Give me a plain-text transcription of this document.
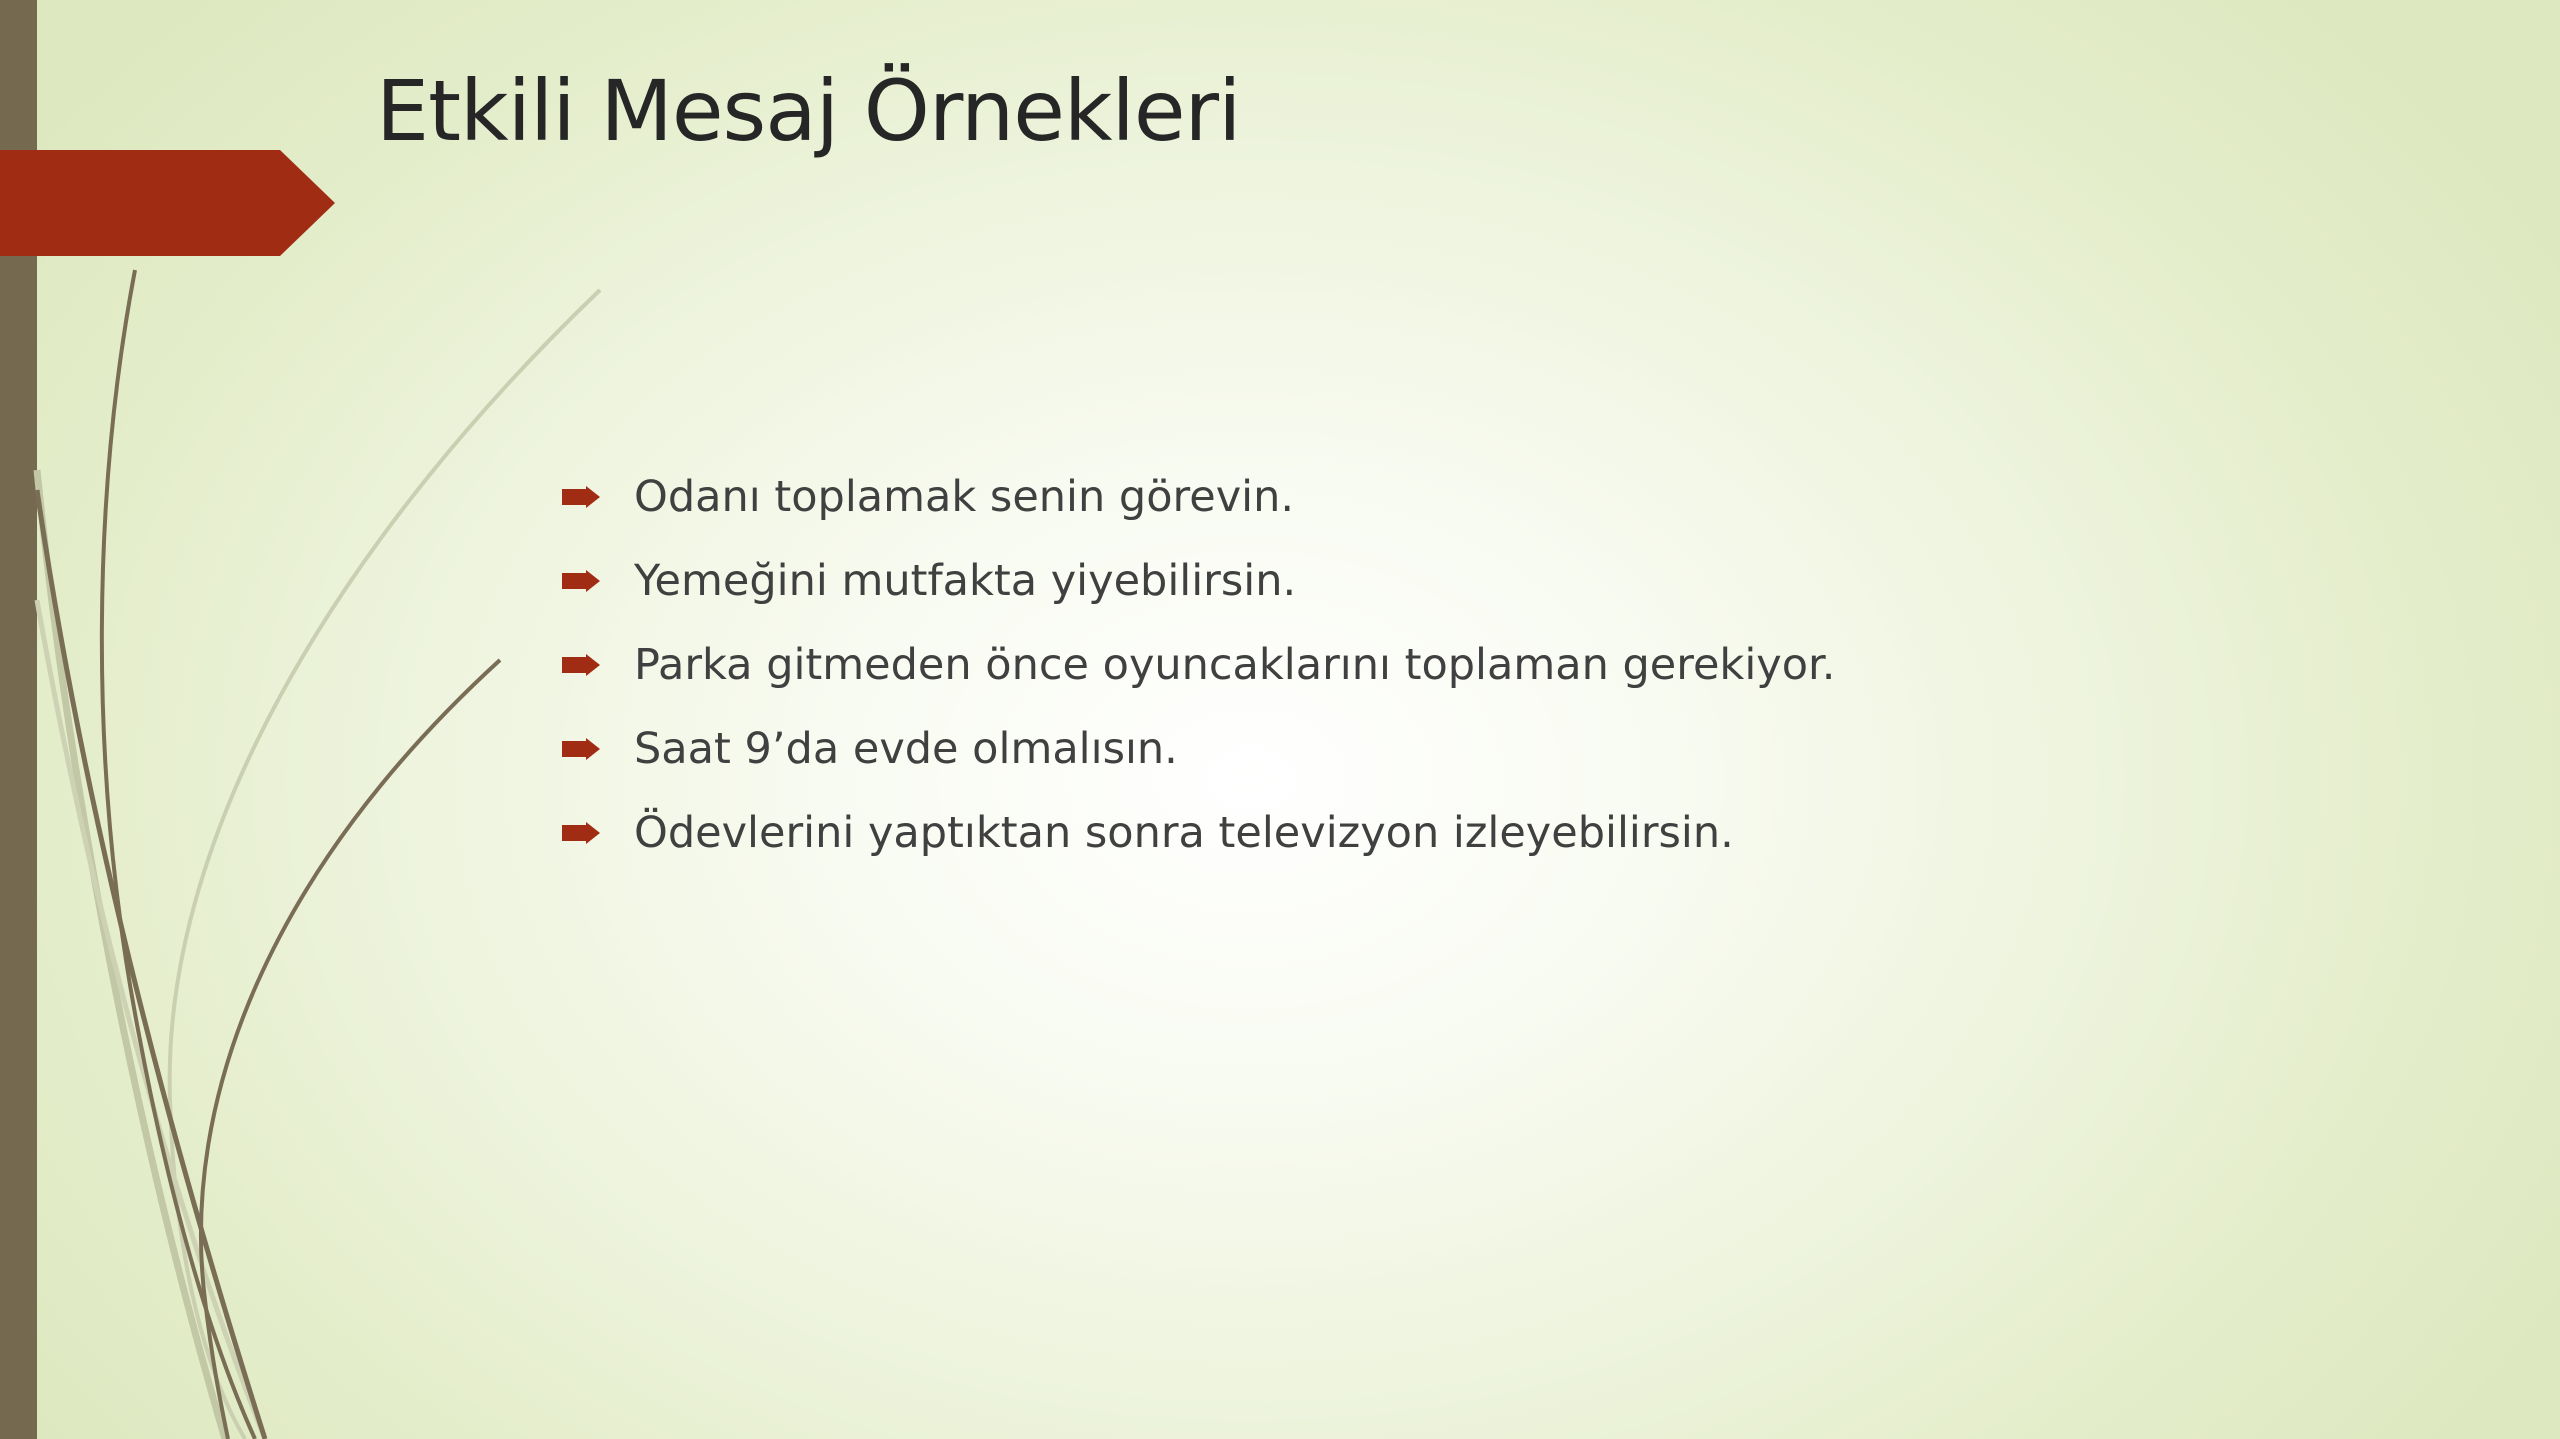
Etkili Mesaj Örnekleri
Odanı toplamak senin görevin.
Yemeğini mutfakta yiyebilirsin.
Parka gitmeden önce oyuncaklarını toplaman gerekiyor.
Saat 9’da evde olmalısın.
Ödevlerini yaptıktan sonra televizyon izleyebilirsin.
